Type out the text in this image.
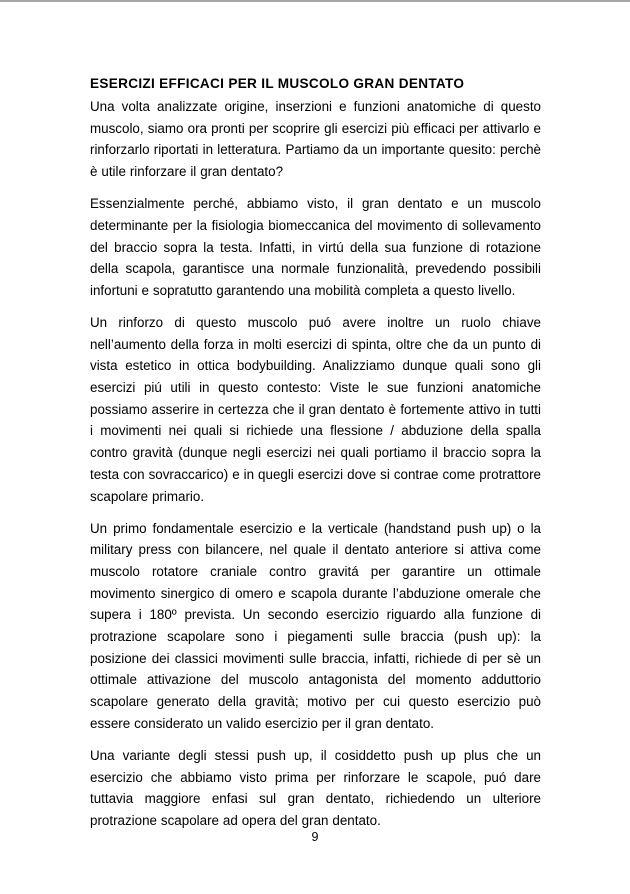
ESERCIZI EFFICACI PER IL MUSCOLO GRAN DENTATO

Una volta analizzate origine, inserzioni e funzioni anatomiche di questo muscolo, siamo ora pronti per scoprire gli esercizi più efficaci per attivarlo e rinforzarlo riportati in letteratura. Partiamo da un importante quesito: perchè è utile rinforzare il gran dentato?

Essenzialmente perché, abbiamo visto, il gran dentato e un muscolo determinante per la fisiologia biomeccanica del movimento di sollevamento del braccio sopra la testa. Infatti, in virtú della sua funzione di rotazione della scapola, garantisce una normale funzionalità, prevedendo possibili infortuni e sopratutto garantendo una mobilità completa a questo livello.

Un rinforzo di questo muscolo puó avere inoltre un ruolo chiave nell’aumento della forza in molti esercizi di spinta, oltre che da un punto di vista estetico in ottica bodybuilding. Analizziamo dunque quali sono gli esercizi piú utili in questo contesto: Viste le sue funzioni anatomiche possiamo asserire in certezza che il gran dentato è fortemente attivo in tutti i movimenti nei quali si richiede una flessione / abduzione della spalla contro gravità (dunque negli esercizi nei quali portiamo il braccio sopra la testa con sovraccarico) e in quegli esercizi dove si contrae come protrattore scapolare primario.

Un primo fondamentale esercizio e la verticale (handstand push up) o la military press con bilancere, nel quale il dentato anteriore si attiva come muscolo rotatore craniale contro gravitá per garantire un ottimale movimento sinergico di omero e scapola durante l’abduzione omerale che supera i 180º prevista. Un secondo esercizio riguardo alla funzione di protrazione scapolare sono i piegamenti sulle braccia (push up): la posizione dei classici movimenti sulle braccia, infatti, richiede di per sè un ottimale attivazione del muscolo antagonista del momento adduttorio scapolare generato della gravità; motivo per cui questo esercizio può essere considerato un valido esercizio per il gran dentato.

Una variante degli stessi push up, il cosiddetto push up plus che un esercizio che abbiamo visto prima per rinforzare le scapole, puó dare tuttavia maggiore enfasi sul gran dentato, richiedendo un ulteriore protrazione scapolare ad opera del gran dentato.

9
